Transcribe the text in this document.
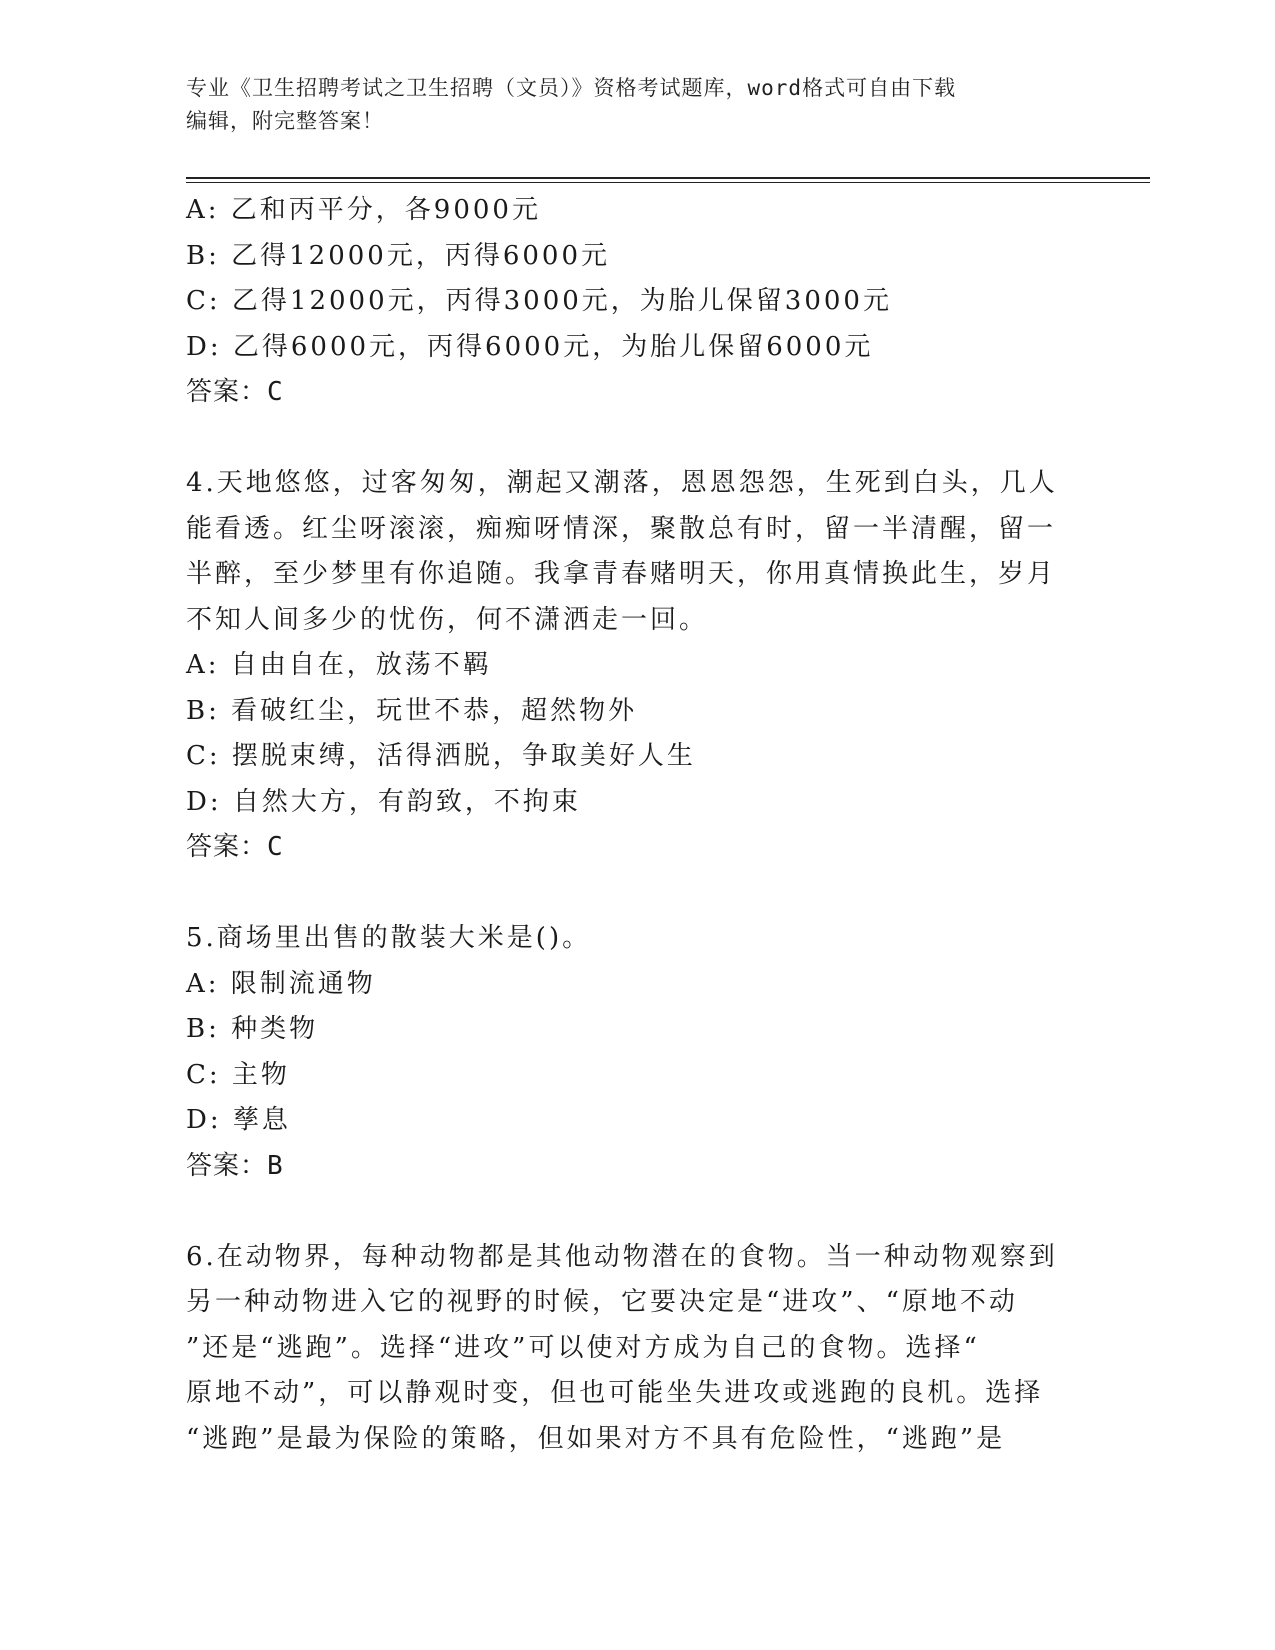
专业《卫生招聘考试之卫生招聘（文员）》资格考试题库，word格式可自由下载
编辑，附完整答案！
A: 乙和丙平分，各9000元
B: 乙得12000元，丙得6000元
C: 乙得12000元，丙得3000元，为胎儿保留3000元
D: 乙得6000元，丙得6000元，为胎儿保留6000元
答案：C
4.天地悠悠，过客匆匆，潮起又潮落，恩恩怨怨，生死到白头，几人
能看透。红尘呀滚滚，痴痴呀情深，聚散总有时，留一半清醒，留一
半醉，至少梦里有你追随。我拿青春赌明天，你用真情换此生，岁月
不知人间多少的忧伤，何不潇洒走一回。
A: 自由自在，放荡不羁
B: 看破红尘，玩世不恭，超然物外
C: 摆脱束缚，活得洒脱，争取美好人生
D: 自然大方，有韵致，不拘束
答案：C
5.商场里出售的散装大米是()。
A: 限制流通物
B: 种类物
C: 主物
D: 孳息
答案：B
6.在动物界，每种动物都是其他动物潜在的食物。当一种动物观察到
另一种动物进入它的视野的时候，它要决定是“进攻”、“原地不动
”还是“逃跑”。选择“进攻”可以使对方成为自己的食物。选择“
原地不动”，可以静观时变，但也可能坐失进攻或逃跑的良机。选择
“逃跑”是最为保险的策略，但如果对方不具有危险性，“逃跑”是
